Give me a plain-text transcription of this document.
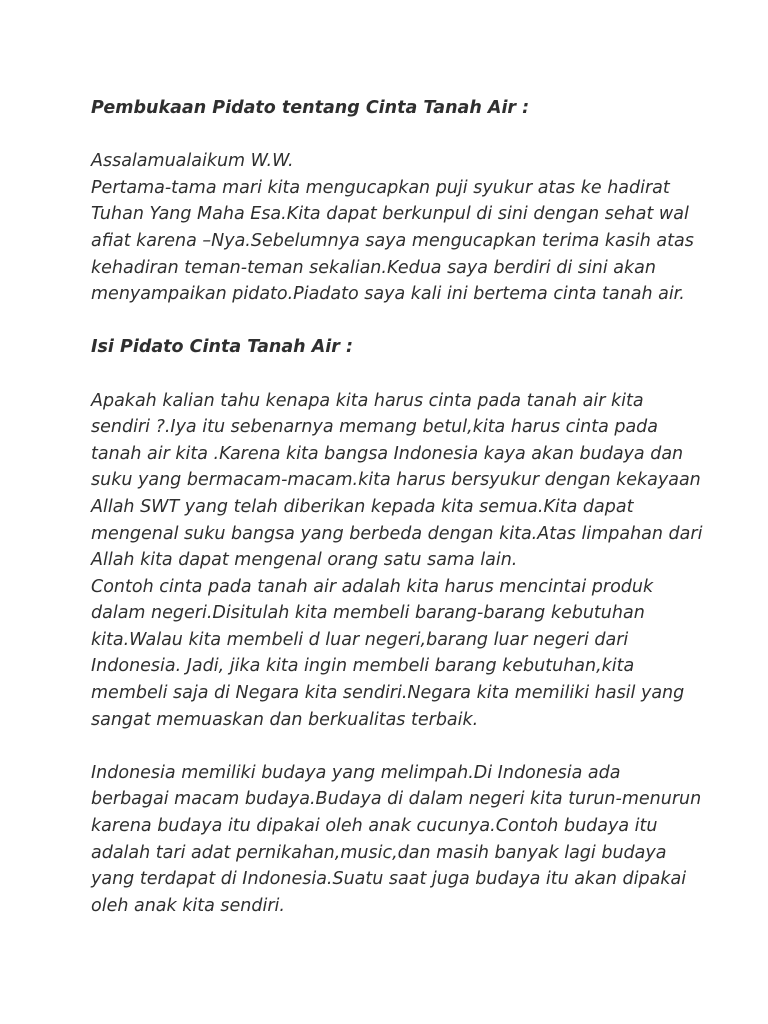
Pembukaan Pidato tentang Cinta Tanah Air :

Assalamualaikum W.W.
Pertama-tama mari kita mengucapkan puji syukur atas ke hadirat
Tuhan Yang Maha Esa.Kita dapat berkunpul di sini dengan sehat wal
afiat karena –Nya.Sebelumnya saya mengucapkan terima kasih atas
kehadiran teman-teman sekalian.Kedua saya berdiri di sini akan
menyampaikan pidato.Piadato saya kali ini bertema cinta tanah air.

Isi Pidato Cinta Tanah Air :

Apakah kalian tahu kenapa kita harus cinta pada tanah air kita
sendiri ?.Iya itu sebenarnya memang betul,kita harus cinta pada
tanah air kita .Karena kita bangsa Indonesia kaya akan budaya dan
suku yang bermacam-macam.kita harus bersyukur dengan kekayaan
Allah SWT yang telah diberikan kepada kita semua.Kita dapat
mengenal suku bangsa yang berbeda dengan kita.Atas limpahan dari
Allah kita dapat mengenal orang satu sama lain.

Contoh cinta pada tanah air adalah kita harus mencintai produk
dalam negeri.Disitulah kita membeli barang-barang kebutuhan
kita.Walau kita membeli d luar negeri,barang luar negeri dari
Indonesia. Jadi, jika kita ingin membeli barang kebutuhan,kita
membeli saja di Negara kita sendiri.Negara kita memiliki hasil yang
sangat memuaskan dan berkualitas terbaik.

Indonesia memiliki budaya yang melimpah.Di Indonesia ada
berbagai macam budaya.Budaya di dalam negeri kita turun-menurun
karena budaya itu dipakai oleh anak cucunya.Contoh budaya itu
adalah tari adat pernikahan,music,dan masih banyak lagi budaya
yang terdapat di Indonesia.Suatu saat juga budaya itu akan dipakai
oleh anak kita sendiri.
